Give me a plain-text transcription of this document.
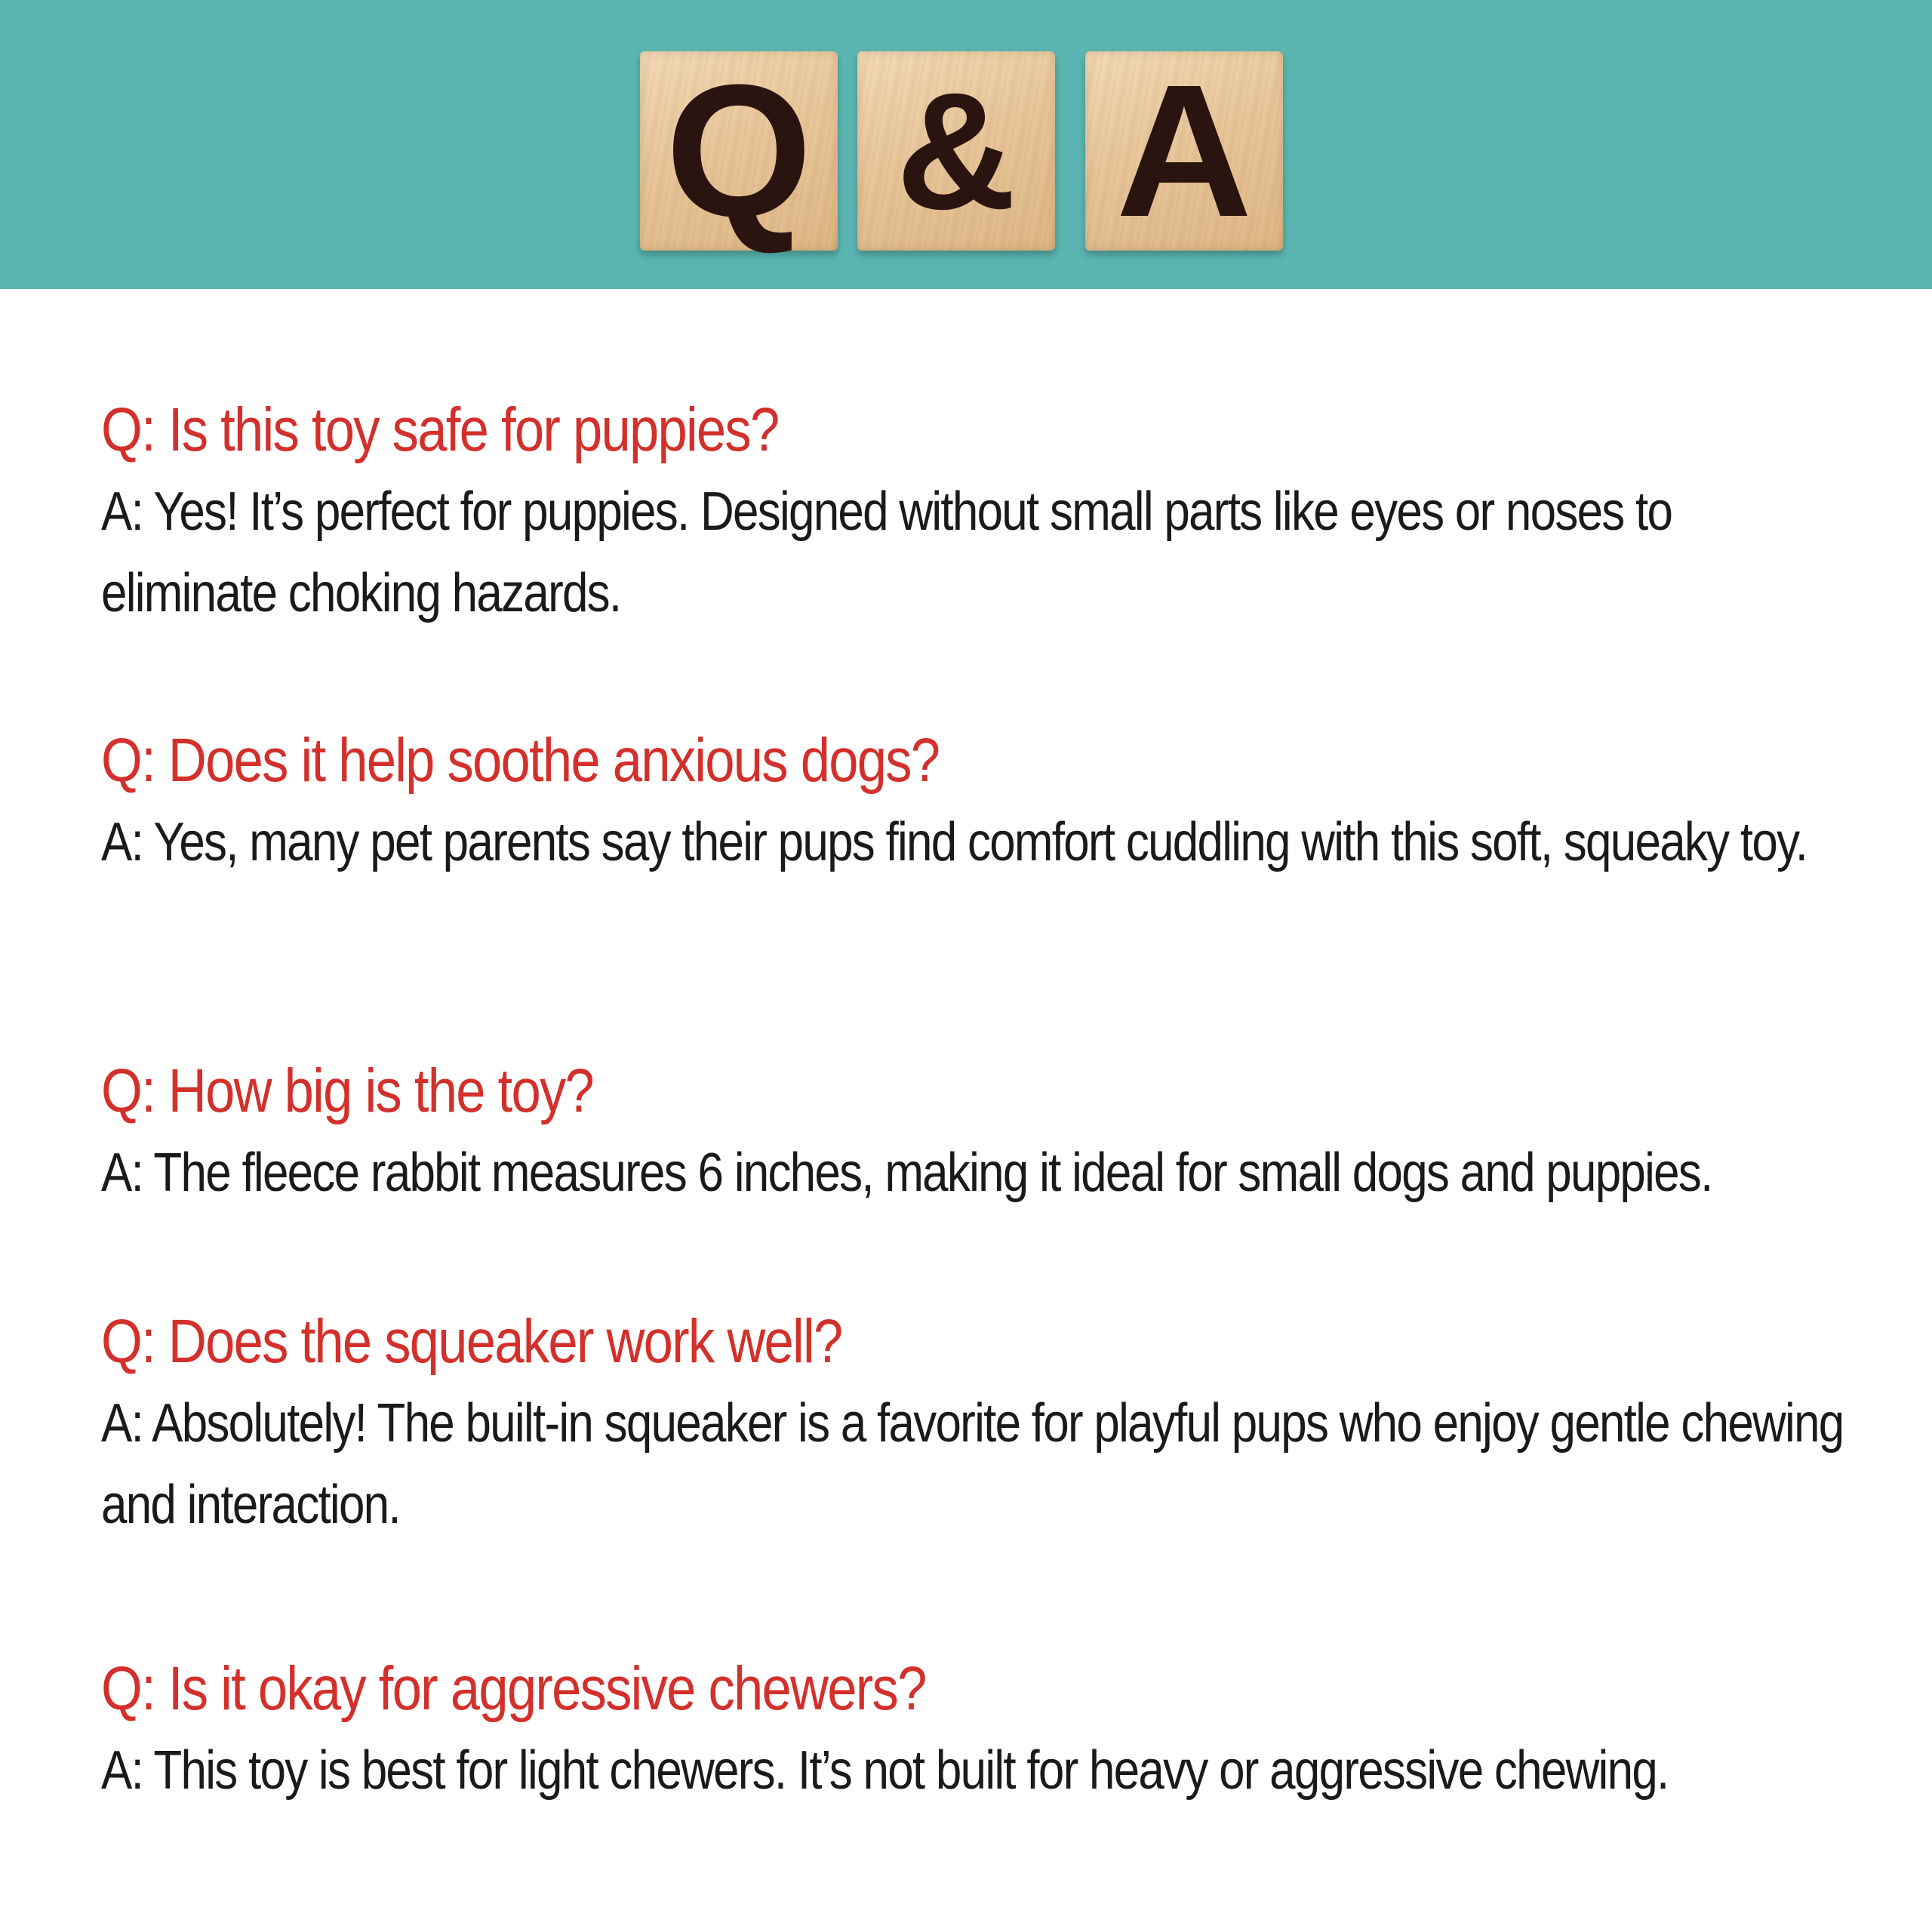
Q & A
Q: Is this toy safe for puppies?
A: Yes! It’s perfect for puppies. Designed without small parts like eyes or noses to eliminate choking hazards.
Q: Does it help soothe anxious dogs?
A: Yes, many pet parents say their pups find comfort cuddling with this soft, squeaky toy.
Q: How big is the toy?
A: The fleece rabbit measures 6 inches, making it ideal for small dogs and puppies.
Q: Does the squeaker work well?
A: Absolutely! The built-in squeaker is a favorite for playful pups who enjoy gentle chewing and interaction.
Q: Is it okay for aggressive chewers?
A: This toy is best for light chewers. It’s not built for heavy or aggressive chewing.
